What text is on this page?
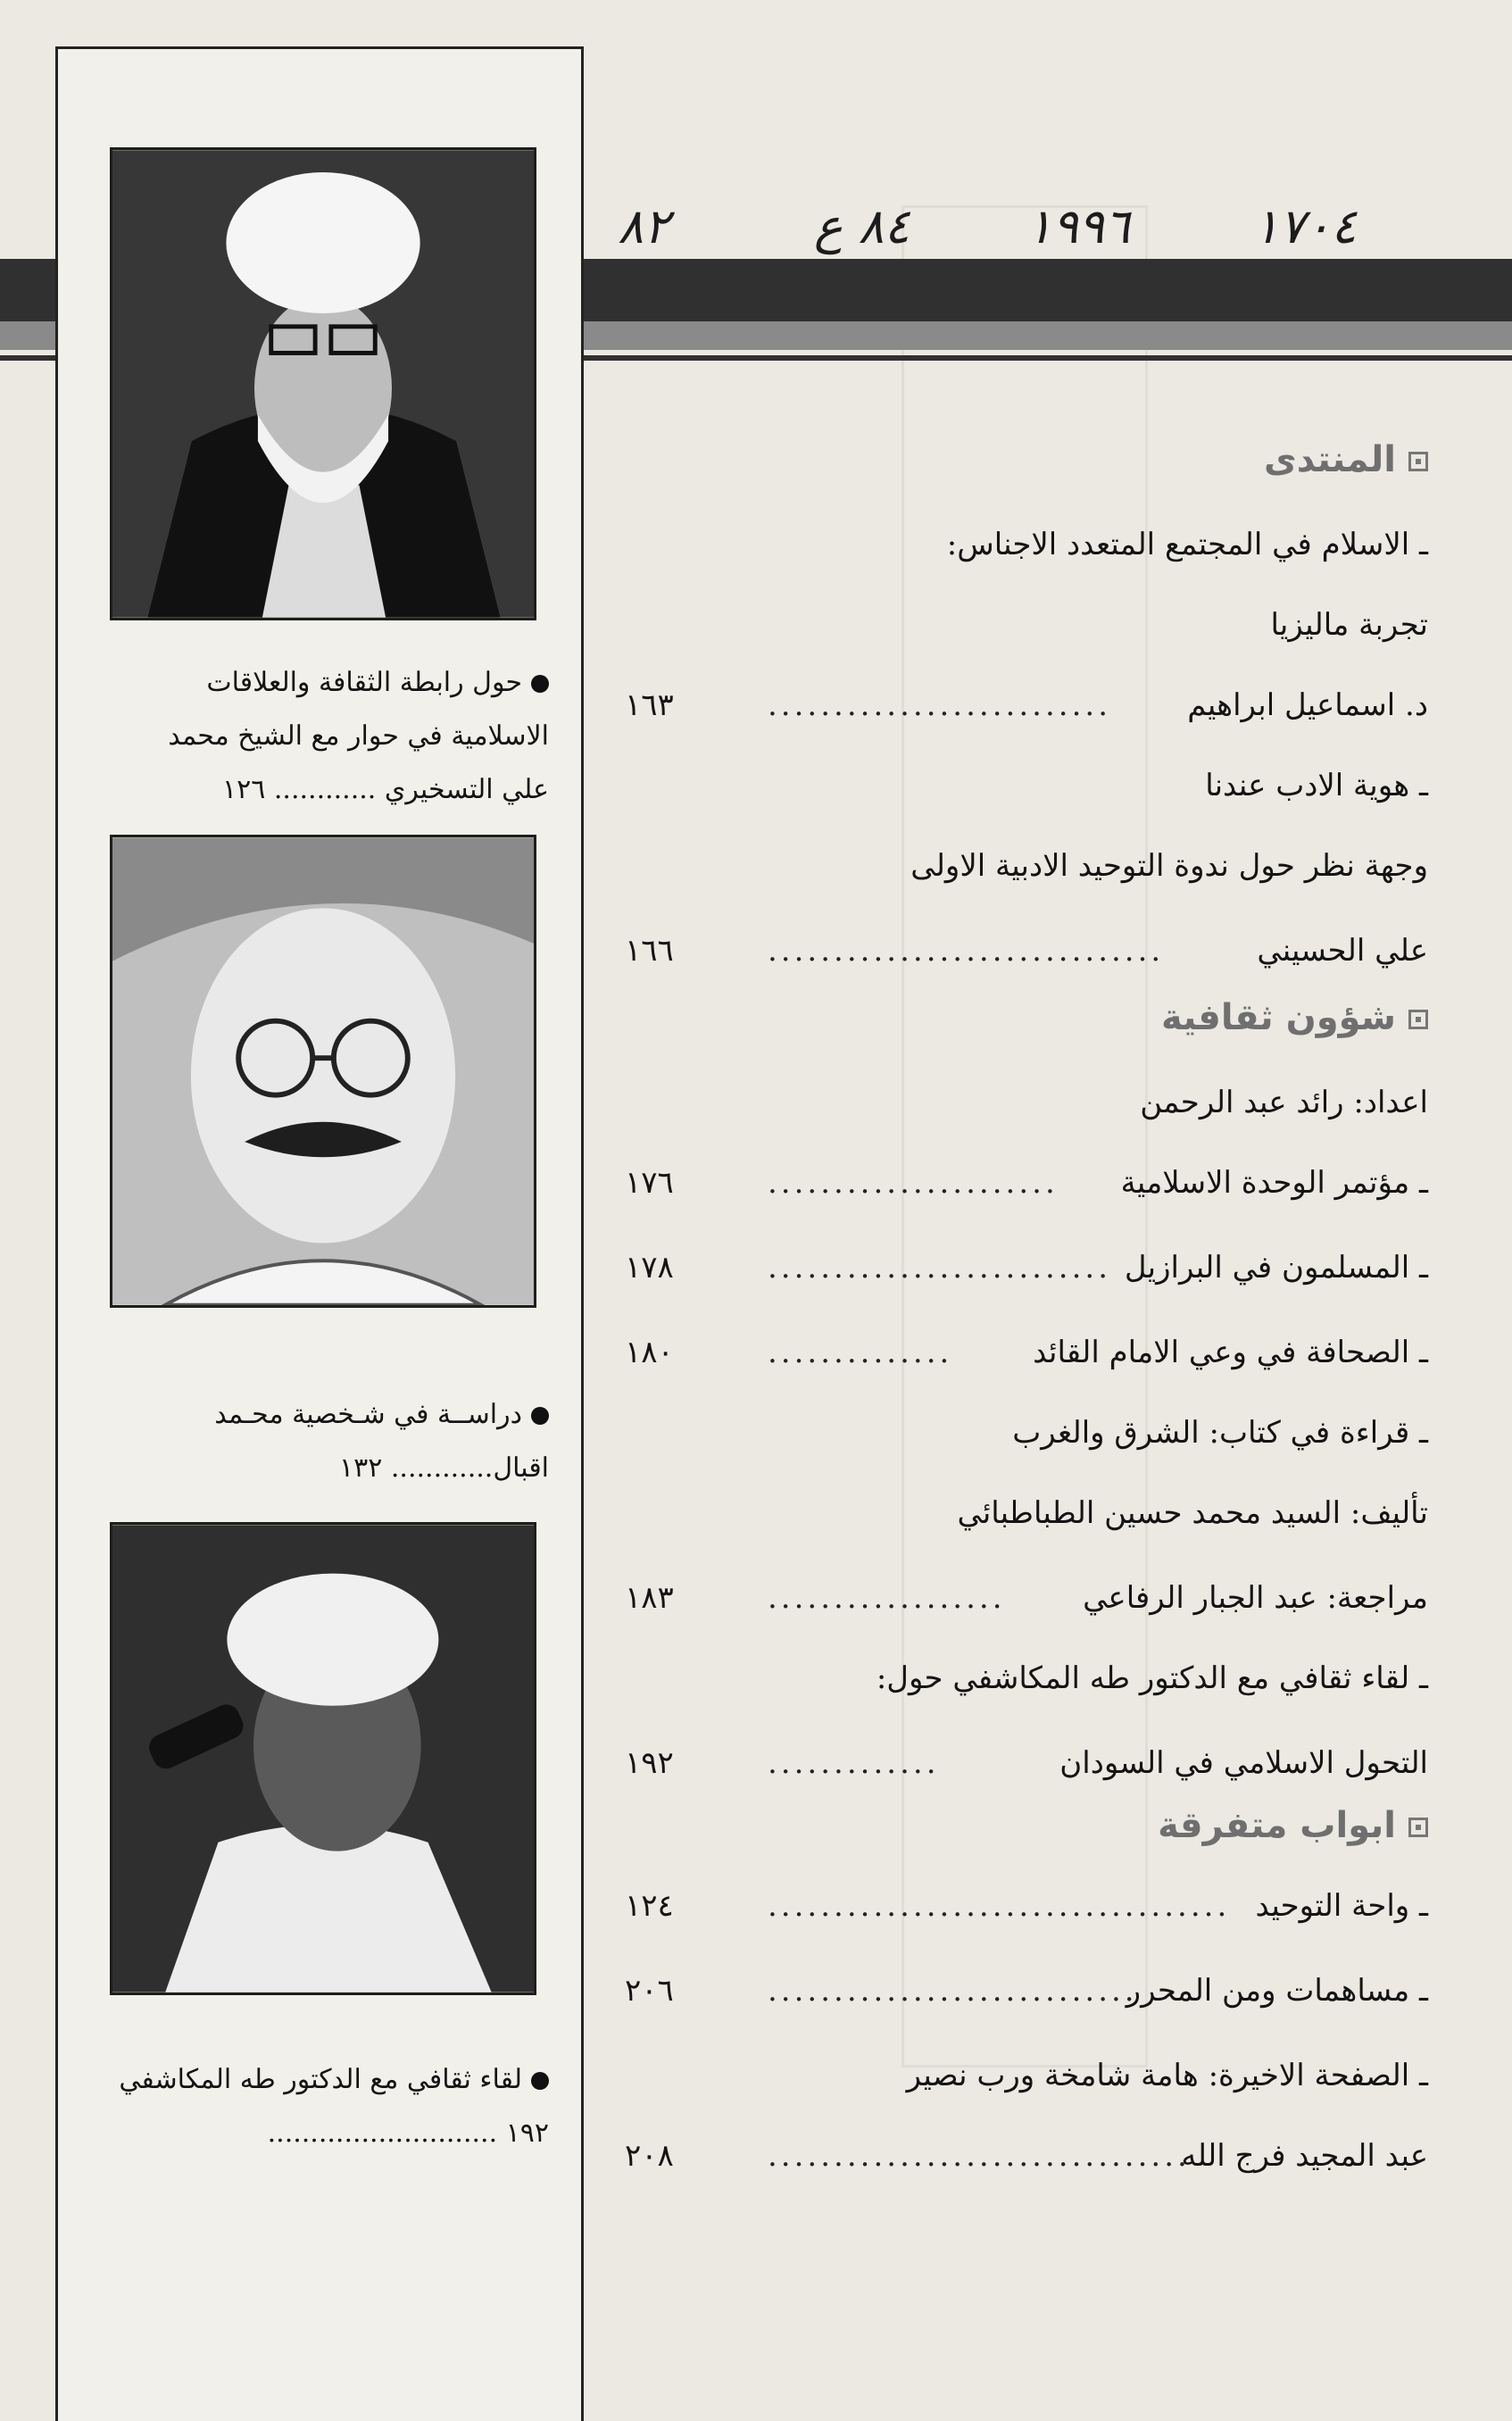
٨٢	٨٤ ع ١٩٩٦	١٧٠٤
حول رابطة الثقافة والعلاقات
الاسلامية في حوار مع الشيخ محمد
علي التسخيري ............ ١٢٦
دراســة في شـخصية محـمد
اقبال............ ١٣٢
لقاء ثقافي مع الدكتور طه المكاشفي
١٩٢ ...........................
المنتدى
ـ الاسلام في المجتمع المتعدد الاجناس:
تجربة ماليزيا
د. اسماعيل ابراهيم
..........................
١٦٣
ـ هوية الادب عندنا
وجهة نظر حول ندوة التوحيد الادبية الاولى
علي الحسيني
..............................
١٦٦
شؤون ثقافية
اعداد: رائد عبد الرحمن
ـ مؤتمر الوحدة الاسلامية
......................
١٧٦
ـ المسلمون في البرازيل
..........................
١٧٨
ـ الصحافة في وعي الامام القائد
..............
١٨٠
ـ قراءة في كتاب: الشرق والغرب
تأليف: السيد محمد حسين الطباطبائي
مراجعة: عبد الجبار الرفاعي
..................
١٨٣
ـ لقاء ثقافي مع الدكتور طه المكاشفي حول:
التحول الاسلامي في السودان
.............
١٩٢
ابواب متفرقة
ـ واحة التوحيد
...................................
١٢٤
ـ مساهمات ومن المحرر
............................
٢٠٦
ـ الصفحة الاخيرة: هامة شامخة ورب نصير
عبد المجيد فرج الله
................................
٢٠٨
